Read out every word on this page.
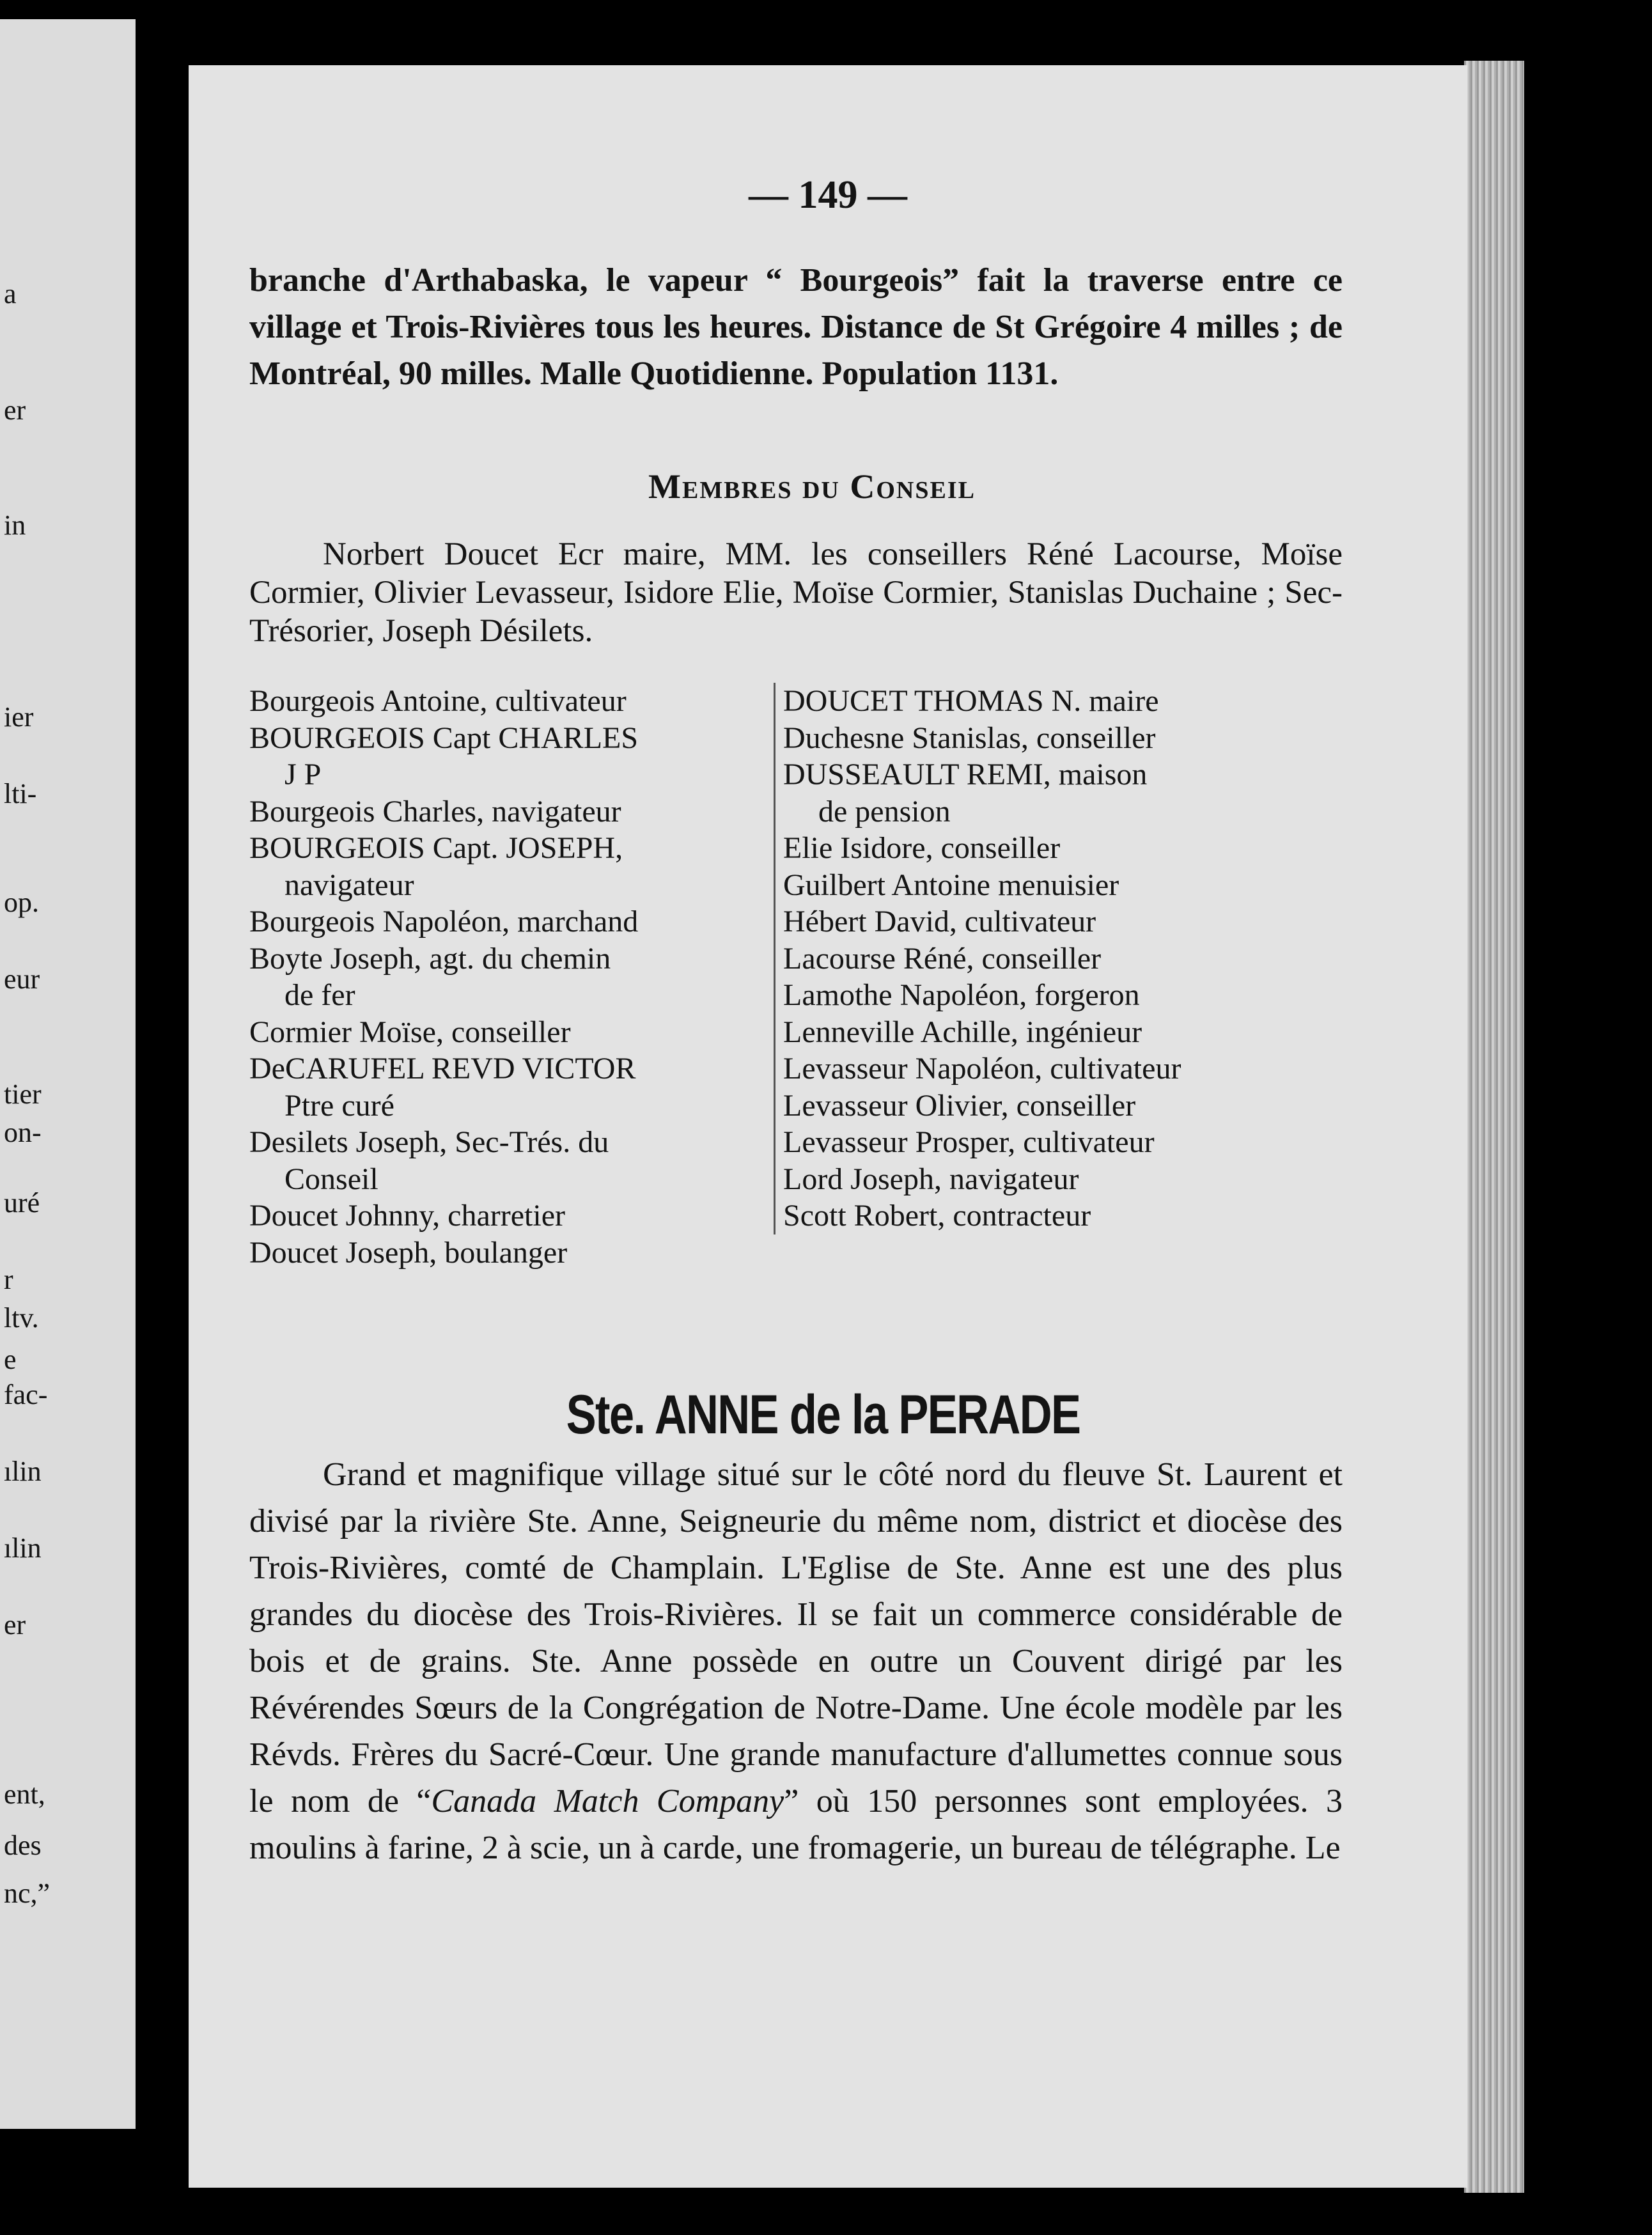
a
er
in
ier
lti-
op.
eur
tier
on-
uré
r
ltv.
e
fac-
ılin
ılin
er
ent,
des
nc,”
— 149 —

branche d'Arthabaska, le vapeur “ Bourgeois” fait la traverse entre ce village et Trois-Rivières tous les heures. Distance de St Grégoire 4 milles ; de Montréal, 90 milles. Malle Quotidienne. Population 1131.

Membres du Conseil
Norbert Doucet Ecr maire, MM. les conseillers Réné Lacourse, Moïse Cormier, Olivier Levasseur, Isidore Elie, Moïse Cormier, Stanislas Duchaine ; Sec-Trésorier, Joseph Désilets.
Bourgeois Antoine, cultivateur
BOURGEOIS Capt CHARLES
J P
Bourgeois Charles, navigateur
BOURGEOIS Capt. JOSEPH,
navigateur
Bourgeois Napoléon, marchand
Boyte Joseph, agt. du chemin
de fer
Cormier Moïse, conseiller
DeCARUFEL REVD VICTOR
Ptre curé
Desilets Joseph, Sec-Trés. du
Conseil
Doucet Johnny, charretier
Doucet Joseph, boulanger
DOUCET THOMAS N. maire
Duchesne Stanislas, conseiller
DUSSEAULT REMI, maison
de pension
Elie Isidore, conseiller
Guilbert Antoine menuisier
Hébert David, cultivateur
Lacourse Réné, conseiller
Lamothe Napoléon, forgeron
Lenneville Achille, ingénieur
Levasseur Napoléon, cultivateur
Levasseur Olivier, conseiller
Levasseur Prosper, cultivateur
Lord Joseph, navigateur
Scott Robert, contracteur
Ste. ANNE de la PERADE

Grand et magnifique village situé sur le côté nord du fleuve St. Laurent et divisé par la rivière Ste. Anne, Seigneurie du même nom, district et diocèse des Trois-Rivières, comté de Champlain. L'Eglise de Ste. Anne est une des plus grandes du diocèse des Trois-Rivières. Il se fait un commerce considérable de bois et de grains. Ste. Anne possède en outre un Couvent dirigé par les Révérendes Sœurs de la Congrégation de Notre-Dame. Une école modèle par les Révds. Frères du Sacré-Cœur. Une grande manufacture d'allumettes connue sous le nom de “Canada Match Company” où 150 personnes sont employées. 3 moulins à farine, 2 à scie, un à carde, une fromagerie, un bureau de télégraphe. Le
